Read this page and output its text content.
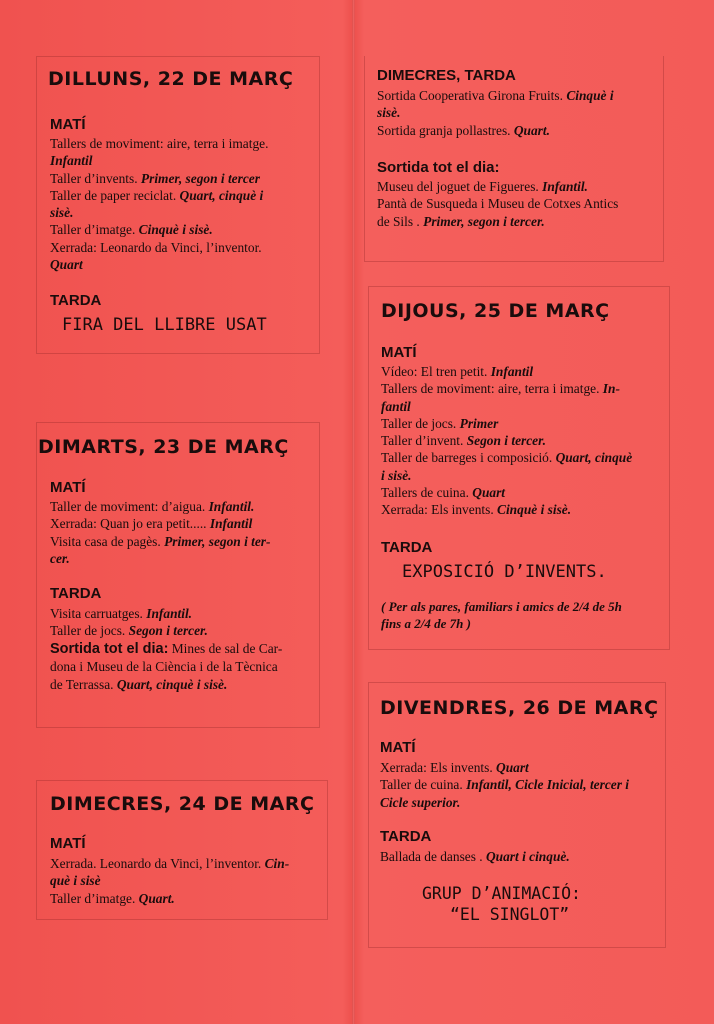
DILLUNS, 22 DE MARÇ
MATÍ
Tallers de moviment: aire, terra i imatge.
Infantil
Taller d’invents. Primer, segon i tercer
Taller de paper reciclat. Quart, cinquè i
sisè.
Taller d’imatge. Cinquè i sisè.
Xerrada: Leonardo da Vinci, l’inventor.
Quart
TARDA
FIRA DEL LLIBRE USAT
DIMARTS, 23 DE MARÇ
MATÍ
Taller de moviment: d’aigua. Infantil.
Xerrada: Quan jo era petit..... Infantil
Visita casa de pagès. Primer, segon i ter-
cer.
TARDA
Visita carruatges. Infantil.
Taller de jocs. Segon i tercer.
Sortida tot el dia: Mines de sal de Car-
dona i Museu de la Ciència i de la Tècnica
de Terrassa. Quart, cinquè i sisè.
DIMECRES, 24 DE MARÇ
MATÍ
Xerrada. Leonardo da Vinci, l’inventor. Cin-
què i sisè
Taller d’imatge. Quart.
DIMECRES, TARDA
Sortida Cooperativa Girona Fruits. Cinquè i
sisè.
Sortida granja pollastres. Quart.
Sortida tot el dia:
Museu del joguet de Figueres. Infantil.
Pantà de Susqueda i Museu de Cotxes Antics
de Sils . Primer, segon i tercer.
DIJOUS, 25 DE MARÇ
MATÍ
Vídeo: El tren petit. Infantil
Tallers de moviment: aire, terra i imatge. In-
fantil
Taller de jocs. Primer
Taller d’invent. Segon i tercer.
Taller de barreges i composició. Quart, cinquè
i sisè.
Tallers de cuina. Quart
Xerrada: Els invents. Cinquè i sisè.
TARDA
EXPOSICIÓ D’INVENTS.
( Per als pares, familiars i amics de 2/4 de 5h
fins a 2/4 de 7h )
DIVENDRES, 26 DE MARÇ
MATÍ
Xerrada: Els invents. Quart
Taller de cuina. Infantil, Cicle Inicial, tercer i
Cicle superior.
TARDA
Ballada de danses . Quart i cinquè.
GRUP D’ANIMACIÓ:
“EL SINGLOT”
